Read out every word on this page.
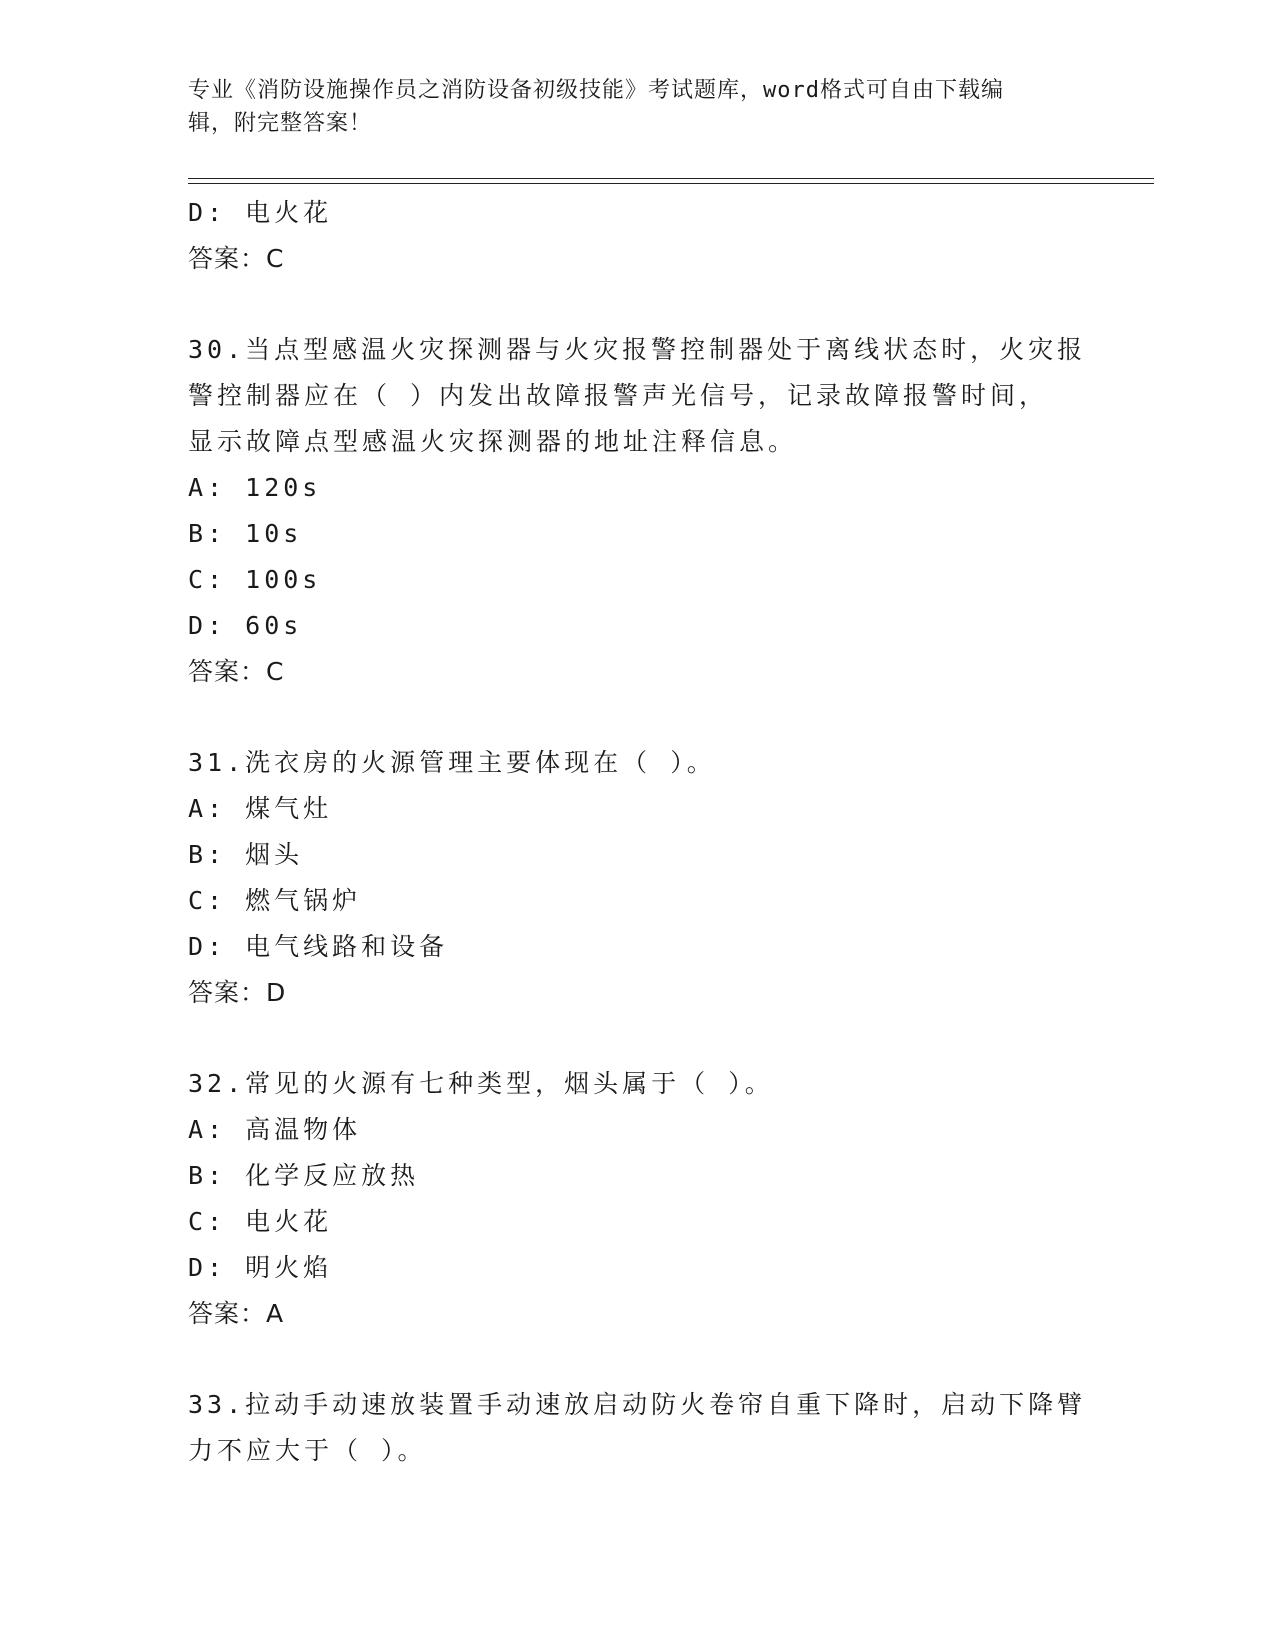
专业《消防设施操作员之消防设备初级技能》考试题库，word格式可自由下载编
辑，附完整答案！
D: 电火花
答案：C
30.当点型感温火灾探测器与火灾报警控制器处于离线状态时，火灾报
警控制器应在（ ）内发出故障报警声光信号，记录故障报警时间，
显示故障点型感温火灾探测器的地址注释信息。
A: 120s
B: 10s
C: 100s
D: 60s
答案：C
31.洗衣房的火源管理主要体现在（ ）。
A: 煤气灶
B: 烟头
C: 燃气锅炉
D: 电气线路和设备
答案：D
32.常见的火源有七种类型，烟头属于（ ）。
A: 高温物体
B: 化学反应放热
C: 电火花
D: 明火焰
答案：A
33.拉动手动速放装置手动速放启动防火卷帘自重下降时，启动下降臂
力不应大于（ ）。
